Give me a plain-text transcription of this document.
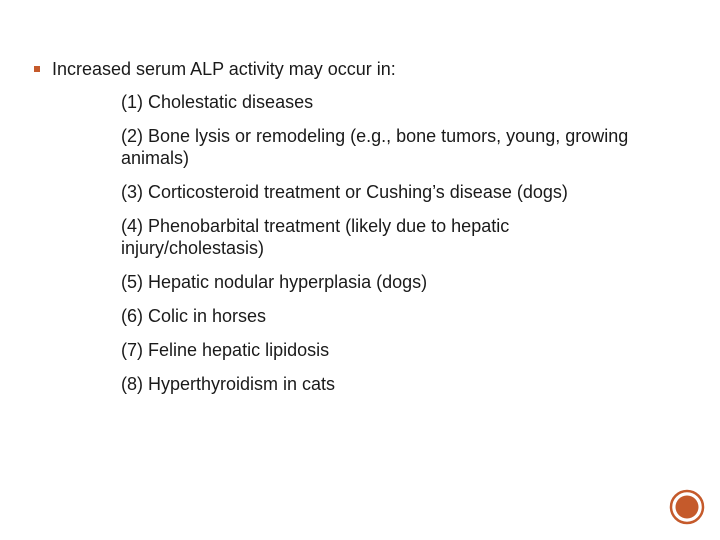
Increased serum ALP activity may occur in:
(1) Cholestatic diseases
(2) Bone lysis or remodeling (e.g., bone tumors, young, growing animals)
(3) Corticosteroid treatment or Cushing’s disease (dogs)
(4) Phenobarbital treatment (likely due to hepatic injury/cholestasis)
(5) Hepatic nodular hyperplasia (dogs)
(6) Colic in horses
(7) Feline hepatic lipidosis
(8) Hyperthyroidism in cats
